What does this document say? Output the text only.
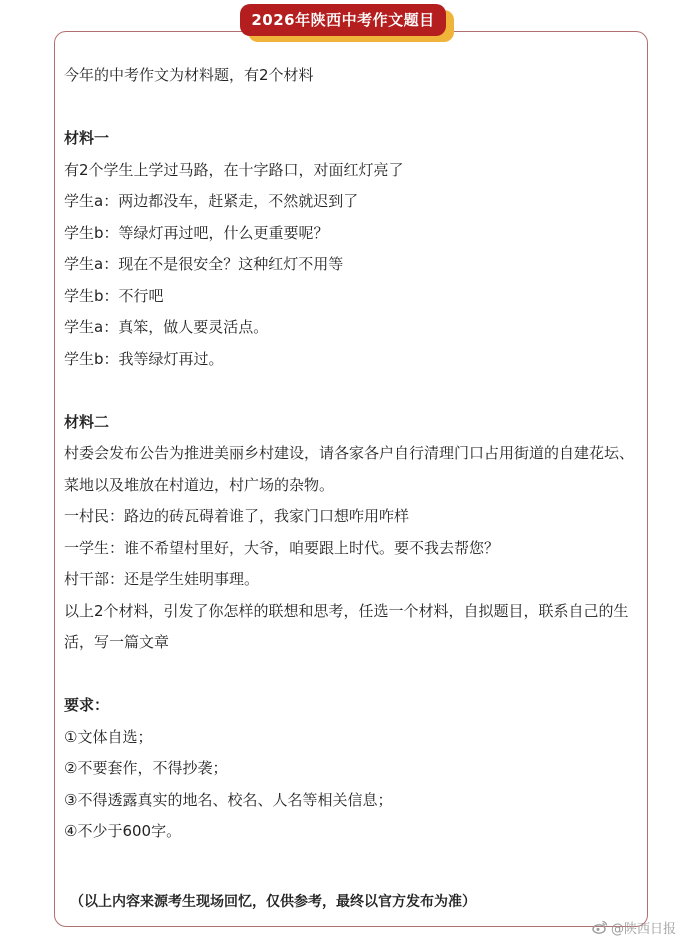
2026年陕西中考作文题目
今年的中考作文为材料题，有2个材料
材料一
有2个学生上学过马路，在十字路口，对面红灯亮了
学生a：两边都没车，赶紧走，不然就迟到了
学生b：等绿灯再过吧，什么更重要呢？
学生a：现在不是很安全？这种红灯不用等
学生b：不行吧
学生a：真笨，做人要灵活点。
学生b：我等绿灯再过。
材料二
村委会发布公告为推进美丽乡村建设，请各家各户自行清理门口占用街道的自建花坛、菜地以及堆放在村道边，村广场的杂物。
一村民：路边的砖瓦碍着谁了，我家门口想咋用咋样
一学生：谁不希望村里好，大爷，咱要跟上时代。要不我去帮您？
村干部：还是学生娃明事理。
以上2个材料，引发了你怎样的联想和思考，任选一个材料，自拟题目，联系自己的生活，写一篇文章
要求：
①文体自选；
②不要套作，不得抄袭；
③不得透露真实的地名、校名、人名等相关信息；
④不少于600字。
（以上内容来源考生现场回忆，仅供参考，最终以官方发布为准）
@陕西日报
